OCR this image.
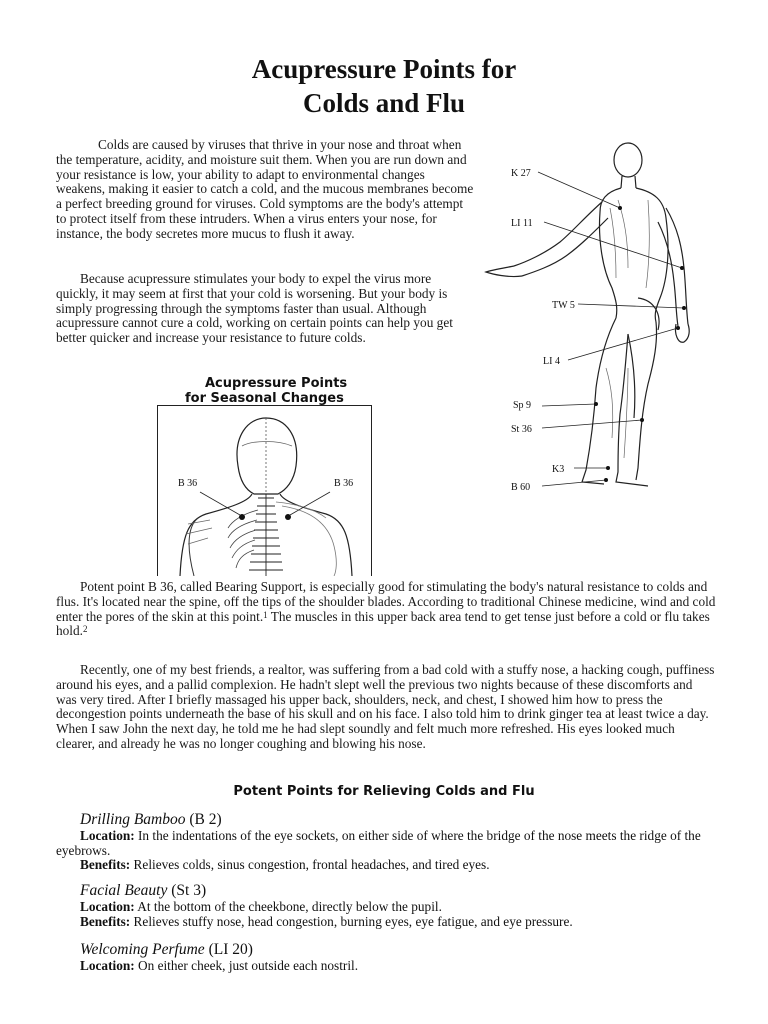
Acupressure Points for
Colds and Flu

Colds are caused by viruses that thrive in your nose and throat when the temperature, acidity, and moisture suit them. When you are run down and your resistance is low, your ability to adapt to environmental changes weakens, making it easier to catch a cold, and the mucous membranes become a perfect breeding ground for viruses. Cold symptoms are the body's attempt to protect itself from these intruders. When a virus enters your nose, for instance, the body secretes more mucus to flush it away.

Because acupressure stimulates your body to expel the virus more quickly, it may seem at first that your cold is worsening. But your body is simply progressing through the symptoms faster than usual. Although acupressure cannot cure a cold, working on certain points can help you get better quicker and increase your resistance to future colds.

Acupressure Points
for Seasonal Changes
B 36	B 36
K 27
LI 11
TW 5
LI 4
Sp 9
St 36
K3
B 60

Potent point B 36, called Bearing Support, is especially good for stimulating the body's natural resistance to colds and flus. It's located near the spine, off the tips of the shoulder blades. According to traditional Chinese medicine, wind and cold enter the pores of the skin at this point.$^1$ The muscles in this upper back area tend to get tense just before a cold or flu takes hold.$^2$

Recently, one of my best friends, a realtor, was suffering from a bad cold with a stuffy nose, a hacking cough, puffiness around his eyes, and a pallid complexion. He hadn't slept well the previous two nights because of these discomforts and was very tired. After I briefly massaged his upper back, shoulders, neck, and chest, I showed him how to press the decongestion points underneath the base of his skull and on his face. I also told him to drink ginger tea at least twice a day. When I saw John the next day, he told me he had slept soundly and felt much more refreshed. His eyes looked much clearer, and already he was no longer coughing and blowing his nose.

Potent Points for Relieving Colds and Flu
Drilling Bamboo (B 2)
Location: In the indentations of the eye sockets, on either side of where the bridge of the nose meets the ridge of the eyebrows.
Benefits: Relieves colds, sinus congestion, frontal headaches, and tired eyes.
Facial Beauty (St 3)
Location: At the bottom of the cheekbone, directly below the pupil.
Benefits: Relieves stuffy nose, head congestion, burning eyes, eye fatigue, and eye pressure.
Welcoming Perfume (LI 20)
Location: On either cheek, just outside each nostril.
